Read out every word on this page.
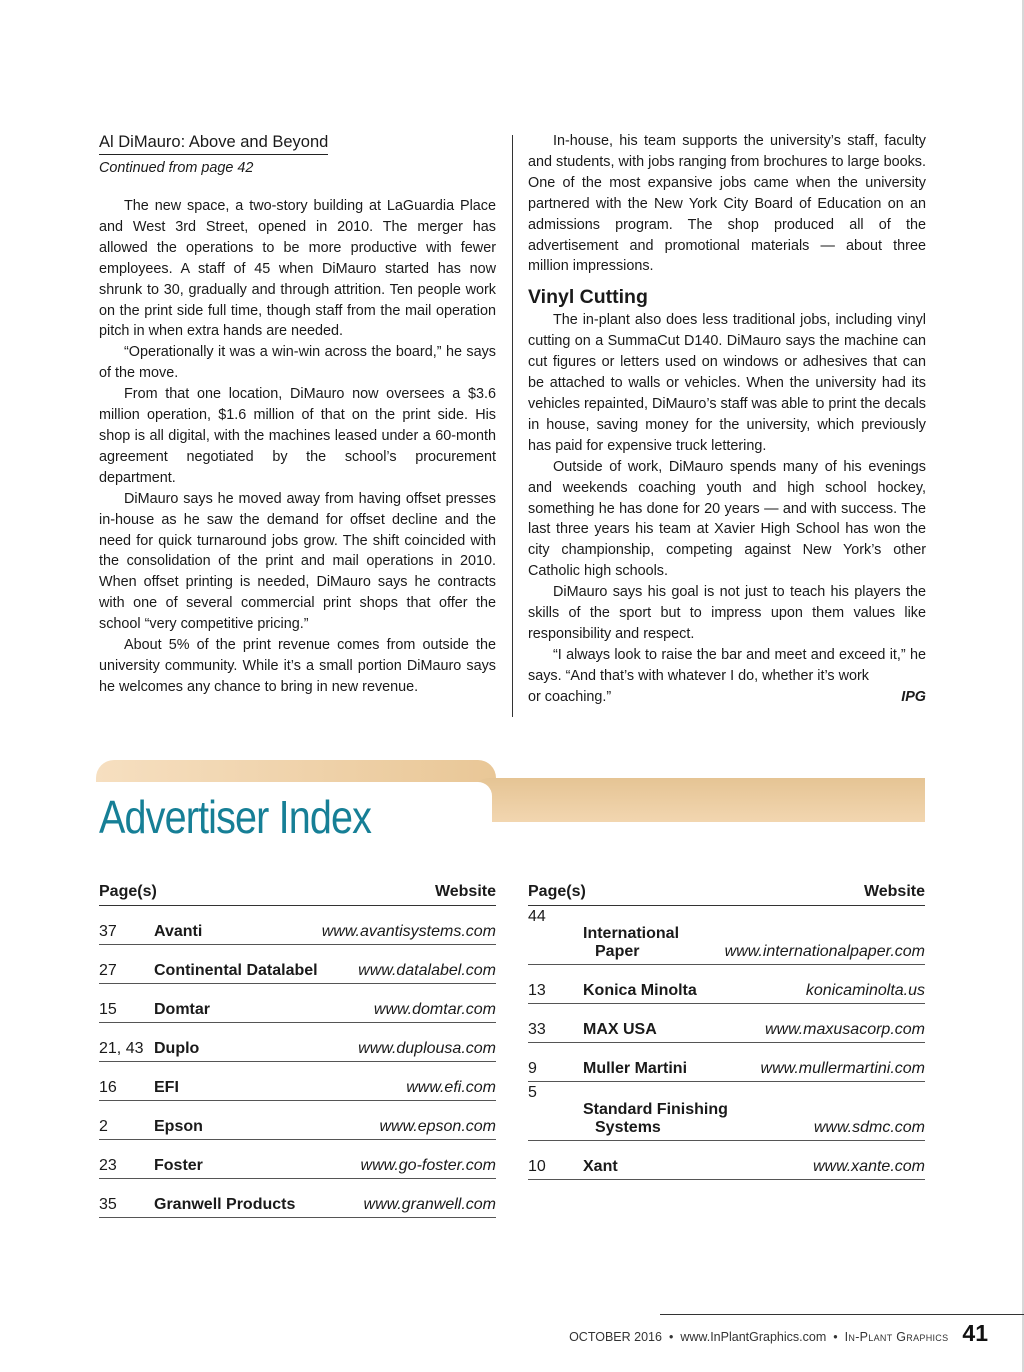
Al DiMauro: Above and Beyond
Continued from page 42

The new space, a two-story building at LaGuardia Place and West 3rd Street, opened in 2010. The merger has allowed the operations to be more productive with fewer employees. A staff of 45 when DiMauro started has now shrunk to 30, gradually and through attrition. Ten people work on the print side full time, though staff from the mail operation pitch in when extra hands are needed.

“Operationally it was a win-win across the board,” he says of the move.

From that one location, DiMauro now oversees a $3.6 million operation, $1.6 million of that on the print side. His shop is all digital, with the machines leased under a 60-month agreement negotiated by the school’s procurement department.

DiMauro says he moved away from having offset presses in-house as he saw the demand for offset decline and the need for quick turnaround jobs grow. The shift coincided with the consolidation of the print and mail operations in 2010. When offset printing is needed, DiMauro says he contracts with one of several commercial print shops that offer the school “very competitive pricing.”

About 5% of the print revenue comes from outside the university community. While it’s a small portion DiMauro says he welcomes any chance to bring in new revenue.

In-house, his team supports the university’s staff, faculty and students, with jobs ranging from brochures to large books. One of the most expansive jobs came when the university partnered with the New York City Board of Education on an admissions program. The shop produced all of the advertisement and promotional materials — about three million impressions.

Vinyl Cutting

The in-plant also does less traditional jobs, including vinyl cutting on a SummaCut D140. DiMauro says the machine can cut figures or letters used on windows or adhesives that can be attached to walls or vehicles. When the university had its vehicles repainted, DiMauro’s staff was able to print the decals in house, saving money for the university, which previously has paid for expensive truck lettering.

Outside of work, DiMauro spends many of his evenings and weekends coaching youth and high school hockey, something he has done for 20 years — and with success. The last three years his team at Xavier High School has won the city championship, competing against New York’s other Catholic high schools.

DiMauro says his goal is not just to teach his players the skills of the sport but to impress upon them values like responsibility and respect.

“I always look to raise the bar and meet and exceed it,” he says. “And that’s with whatever I do, whether it’s work

or coaching.”	IPG
Advertiser Index
Page(s)	Website
37	Avanti	www.avantisystems.com
27	Continental Datalabel	www.datalabel.com
15	Domtar	www.domtar.com
21, 43 Duplo	www.duplousa.com
16	EFI	www.efi.com
2	Epson	www.epson.com
23	Foster	www.go-foster.com
35	Granwell Products	www.granwell.com
Page(s)	Website
44
International
Paper	www.internationalpaper.com
13	Konica Minolta	konicaminolta.us
33	MAX USA	www.maxusacorp.com
9	Muller Martini	www.mullermartini.com
5
Standard Finishing
Systems	www.sdmc.com
10	Xant	www.xante.com
OCTOBER 2016 • www.InPlantGraphics.com • In-Plant Graphics 41
